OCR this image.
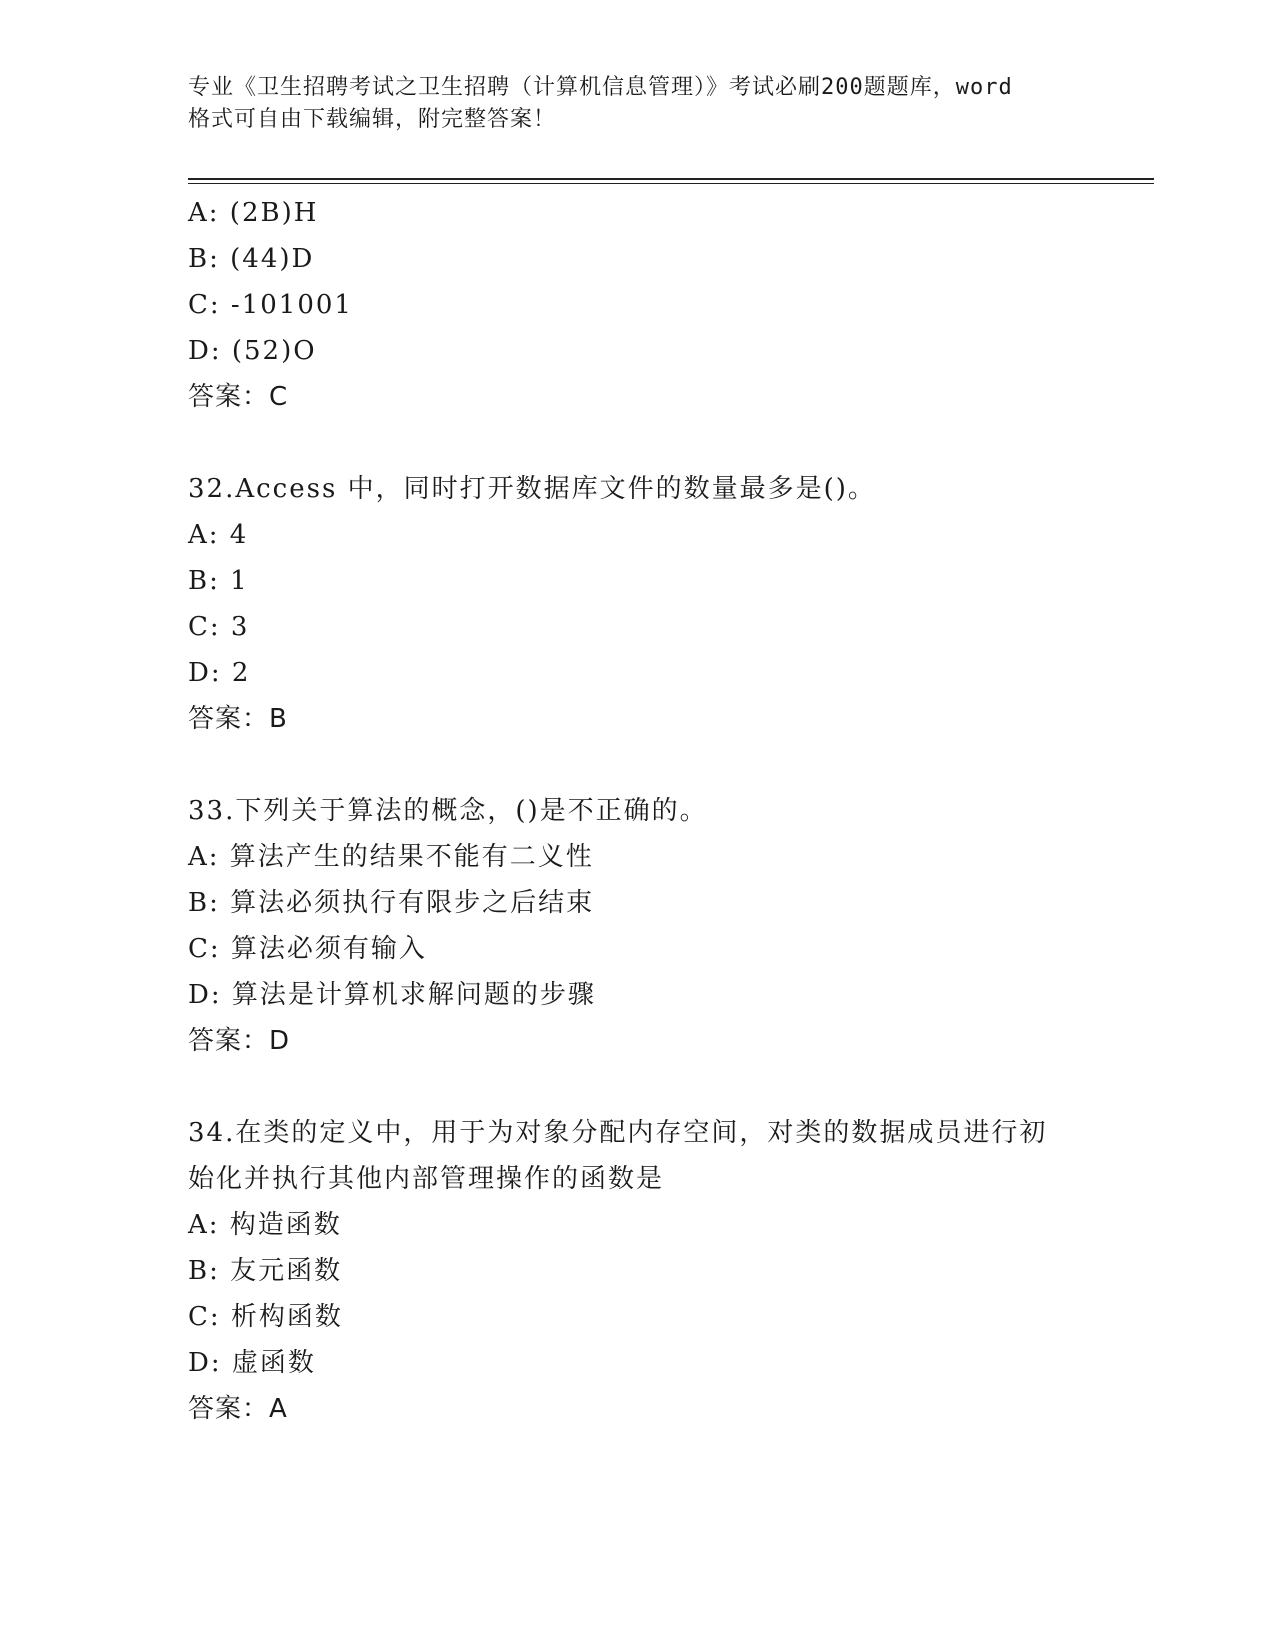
专业《卫生招聘考试之卫生招聘（计算机信息管理）》考试必刷200题题库，word
格式可自由下载编辑，附完整答案！
A: (2B)H
B: (44)D
C: -101001
D: (52)O
答案：C
32.Access 中，同时打开数据库文件的数量最多是()。
A: 4
B: 1
C: 3
D: 2
答案：B
33.下列关于算法的概念，()是不正确的。
A: 算法产生的结果不能有二义性
B: 算法必须执行有限步之后结束
C: 算法必须有输入
D: 算法是计算机求解问题的步骤
答案：D
34.在类的定义中，用于为对象分配内存空间，对类的数据成员进行初
始化并执行其他内部管理操作的函数是
A: 构造函数
B: 友元函数
C: 析构函数
D: 虚函数
答案：A
